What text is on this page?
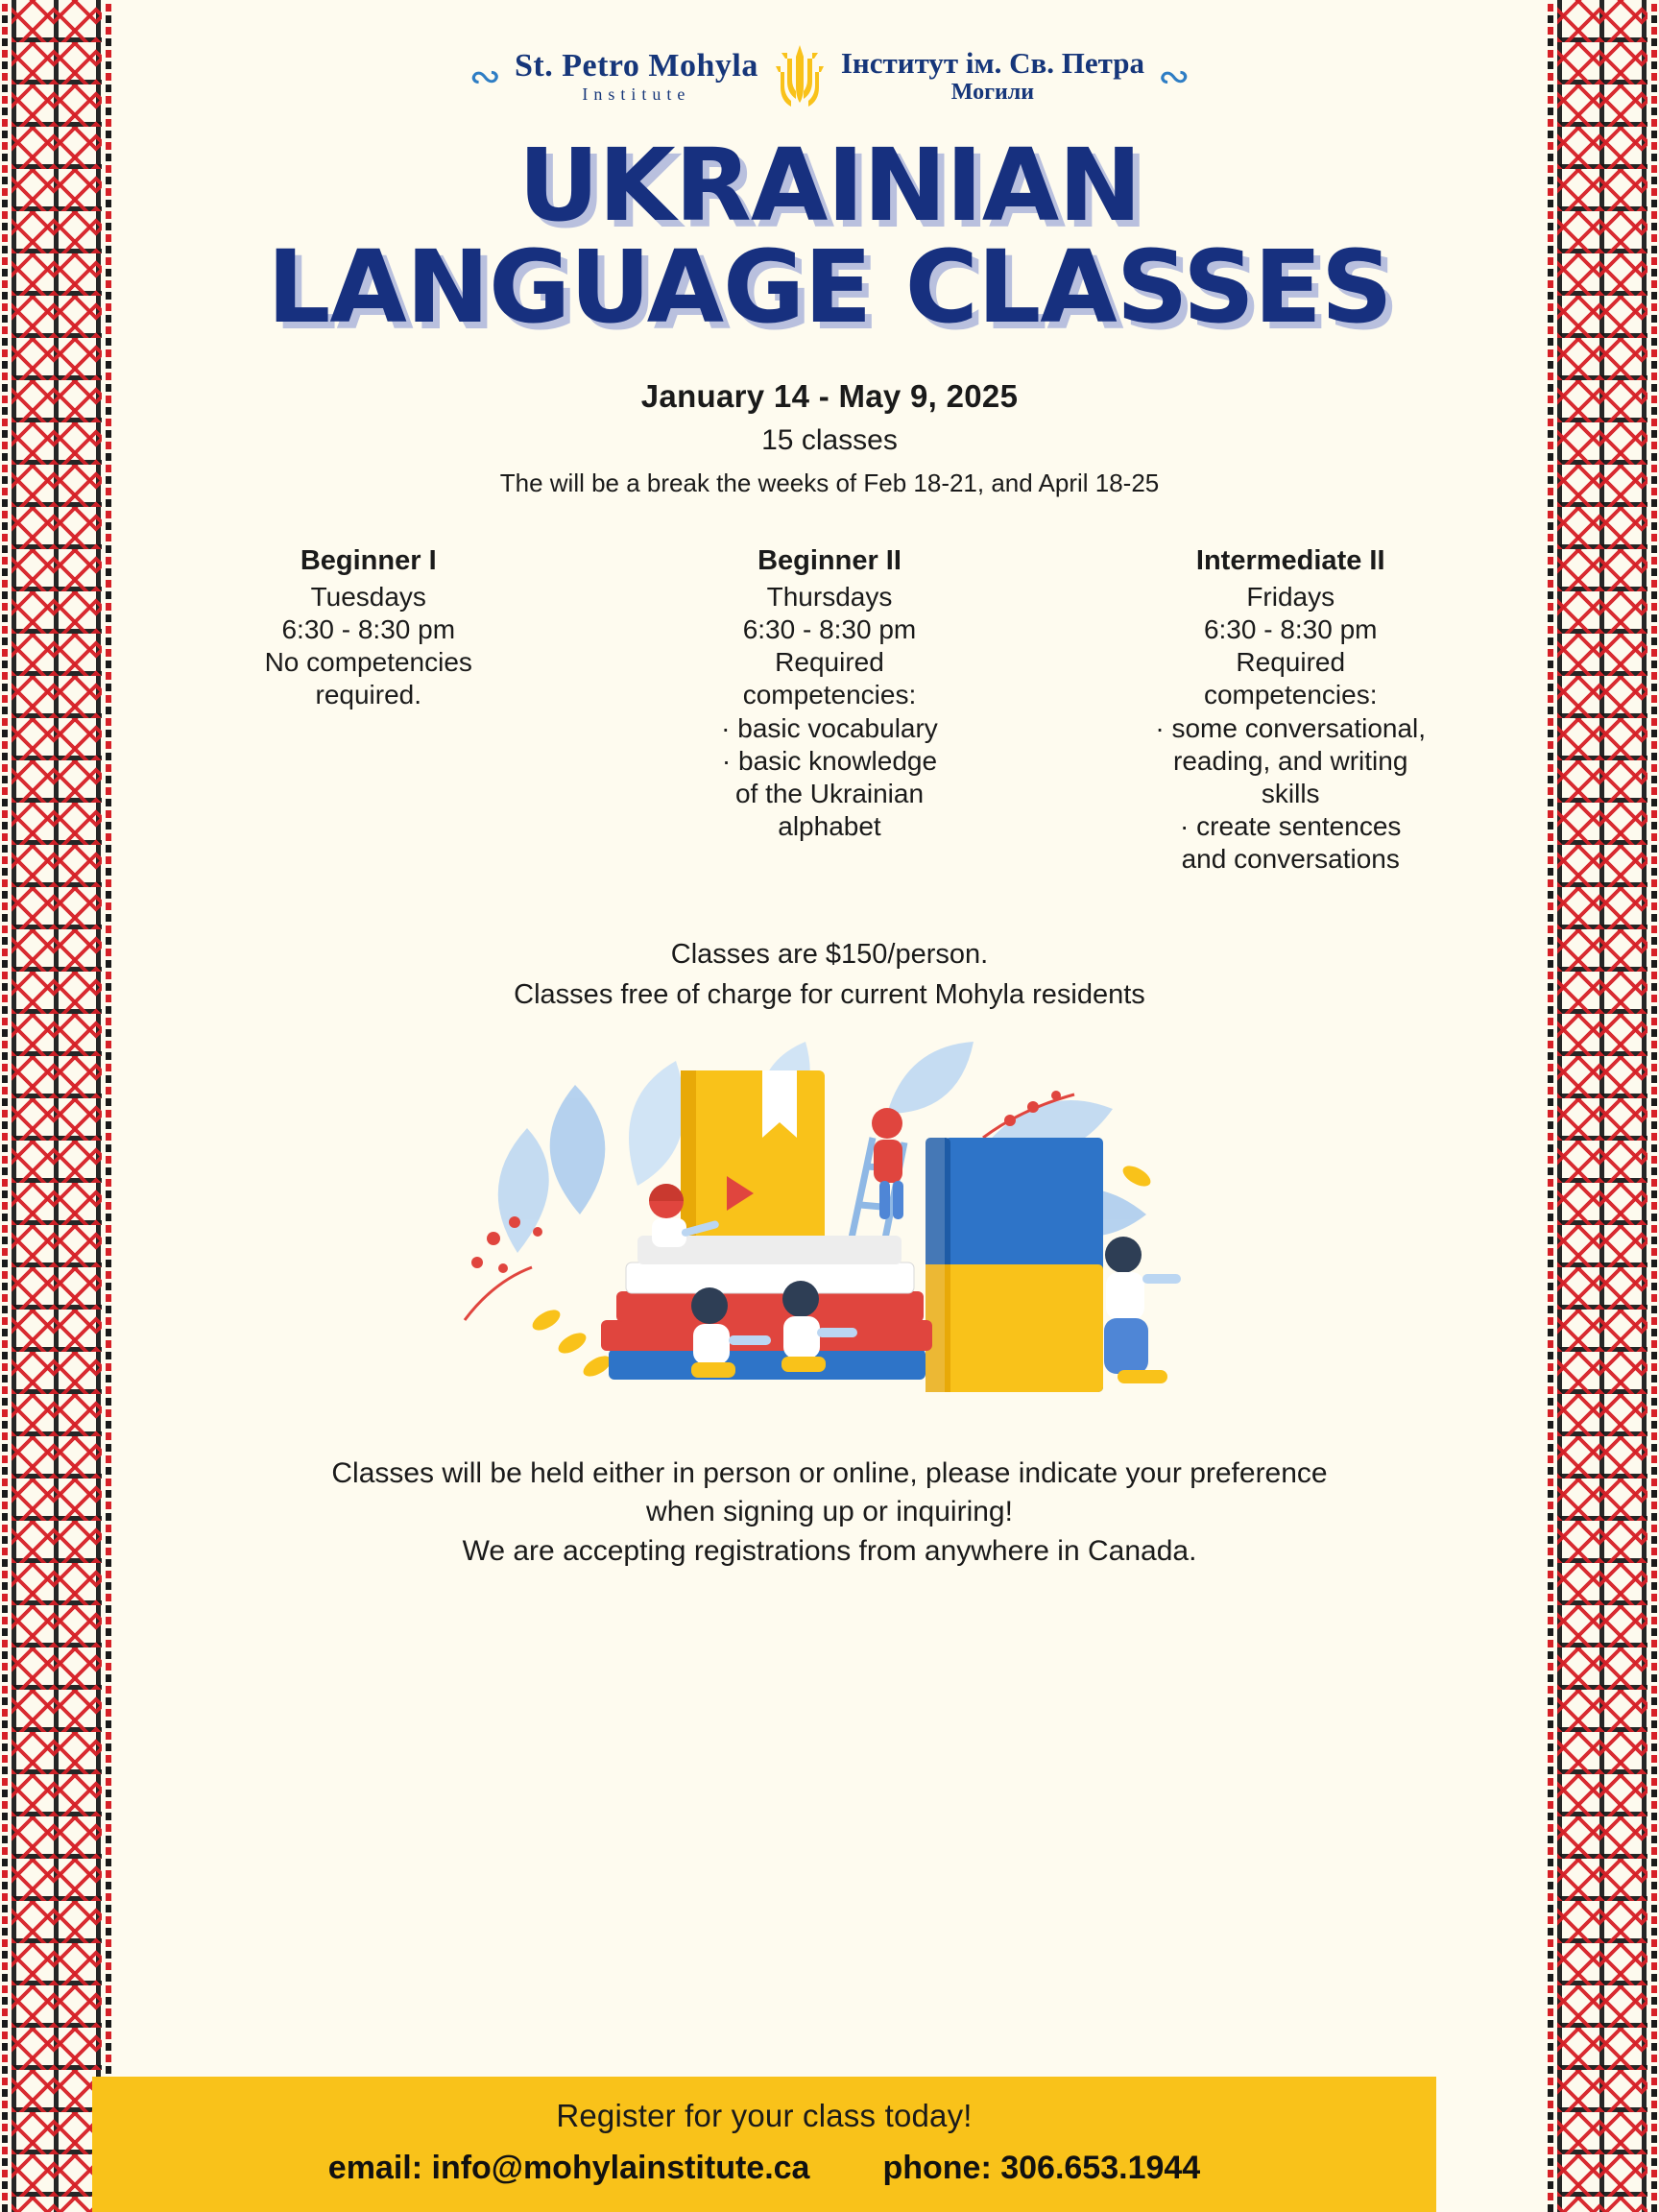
∾ St. Petro Mohyla
Institute
Інститут ім. Св. Петра
Могили	∾
UKRAINIAN
LANGUAGE CLASSES
January 14 - May 9, 2025
15 classes
The will be a break the weeks of Feb 18-21, and April 18-25
Beginner I
Tuesdays
6:30 - 8:30 pm
No competencies
required.
Beginner II
Thursdays
6:30 - 8:30 pm
Required
competencies:
· basic vocabulary
· basic knowledge
of the Ukrainian
alphabet
Intermediate II
Fridays
6:30 - 8:30 pm
Required
competencies:
· some conversational,
reading, and writing
skills
· create sentences
and conversations
Classes are $150/person.
Classes free of charge for current Mohyla residents
Classes will be held either in person or online, please indicate your preference
when signing up or inquiring!
We are accepting registrations from anywhere in Canada.
Register for your class today!
email: info@mohylainstitute.ca phone: 306.653.1944
